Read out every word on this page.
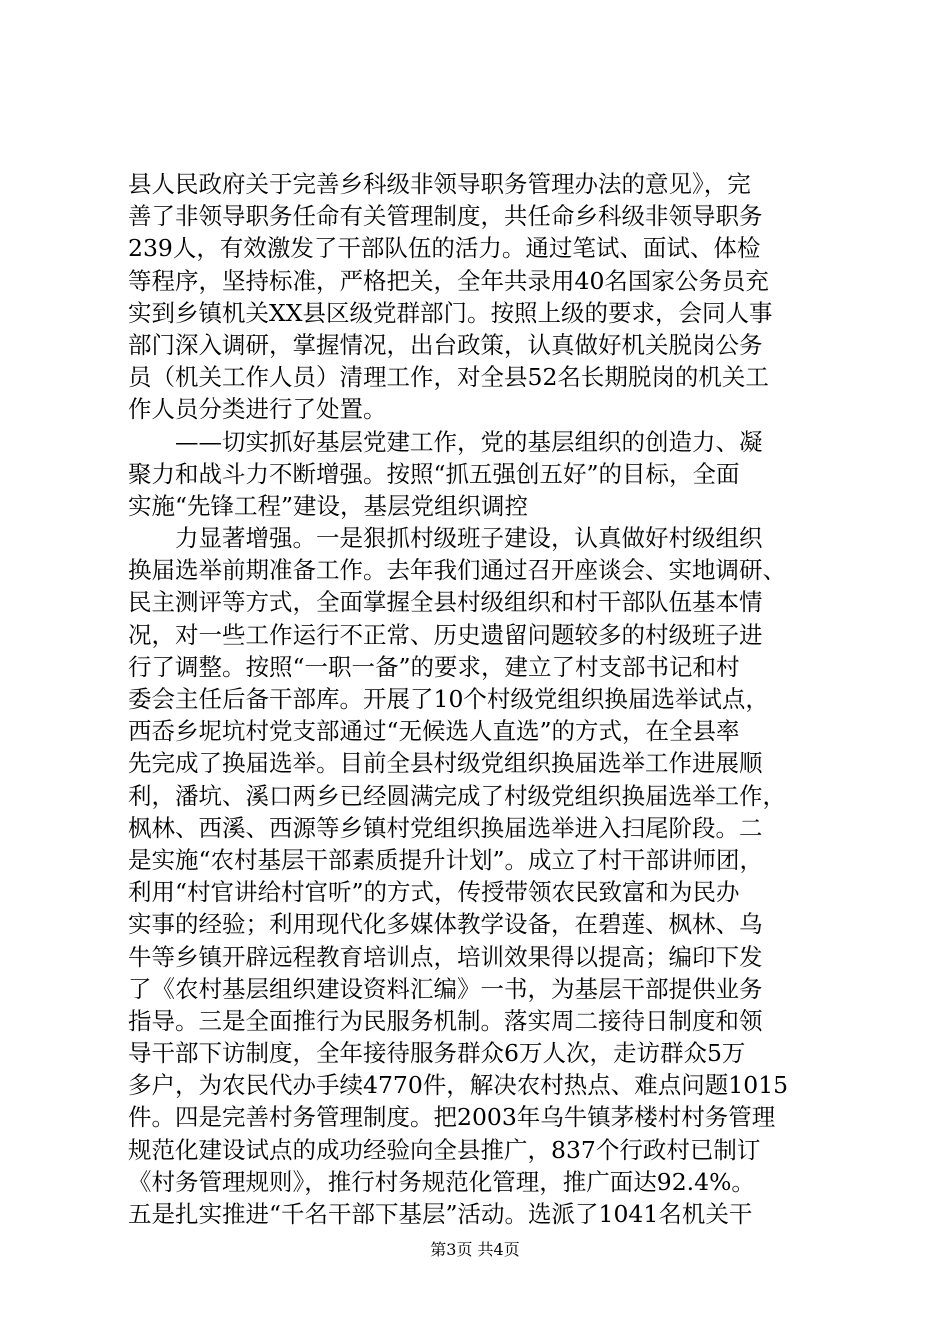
县人民政府关于完善乡科级非领导职务管理办法的意见》，完
善了非领导职务任命有关管理制度，共任命乡科级非领导职务
239人，有效激发了干部队伍的活力。通过笔试、面试、体检
等程序，坚持标准，严格把关，全年共录用40名国家公务员充
实到乡镇机关XX县区级党群部门。按照上级的要求，会同人事
部门深入调研，掌握情况，出台政策，认真做好机关脱岗公务
员（机关工作人员）清理工作，对全县52名长期脱岗的机关工
作人员分类进行了处置。
　　——切实抓好基层党建工作，党的基层组织的创造力、凝
聚力和战斗力不断增强。按照“抓五强创五好”的目标，全面
实施“先锋工程”建设，基层党组织调控
　　力显著增强。一是狠抓村级班子建设，认真做好村级组织
换届选举前期准备工作。去年我们通过召开座谈会、实地调研、
民主测评等方式，全面掌握全县村级组织和村干部队伍基本情
况，对一些工作运行不正常、历史遗留问题较多的村级班子进
行了调整。按照“一职一备”的要求，建立了村支部书记和村
委会主任后备干部库。开展了10个村级党组织换届选举试点，
西岙乡坭坑村党支部通过“无候选人直选”的方式，在全县率
先完成了换届选举。目前全县村级党组织换届选举工作进展顺
利，潘坑、溪口两乡已经圆满完成了村级党组织换届选举工作，
枫林、西溪、西源等乡镇村党组织换届选举进入扫尾阶段。二
是实施“农村基层干部素质提升计划”。成立了村干部讲师团，
利用“村官讲给村官听”的方式，传授带领农民致富和为民办
实事的经验；利用现代化多媒体教学设备，在碧莲、枫林、乌
牛等乡镇开辟远程教育培训点，培训效果得以提高；编印下发
了《农村基层组织建设资料汇编》一书，为基层干部提供业务
指导。三是全面推行为民服务机制。落实周二接待日制度和领
导干部下访制度，全年接待服务群众6万人次，走访群众5万
多户，为农民代办手续4770件，解决农村热点、难点问题1015
件。四是完善村务管理制度。把2003年乌牛镇茅楼村村务管理
规范化建设试点的成功经验向全县推广，837个行政村已制订
《村务管理规则》，推行村务规范化管理，推广面达92.4%。
五是扎实推进“千名干部下基层”活动。选派了1041名机关干
第3页 共4页
